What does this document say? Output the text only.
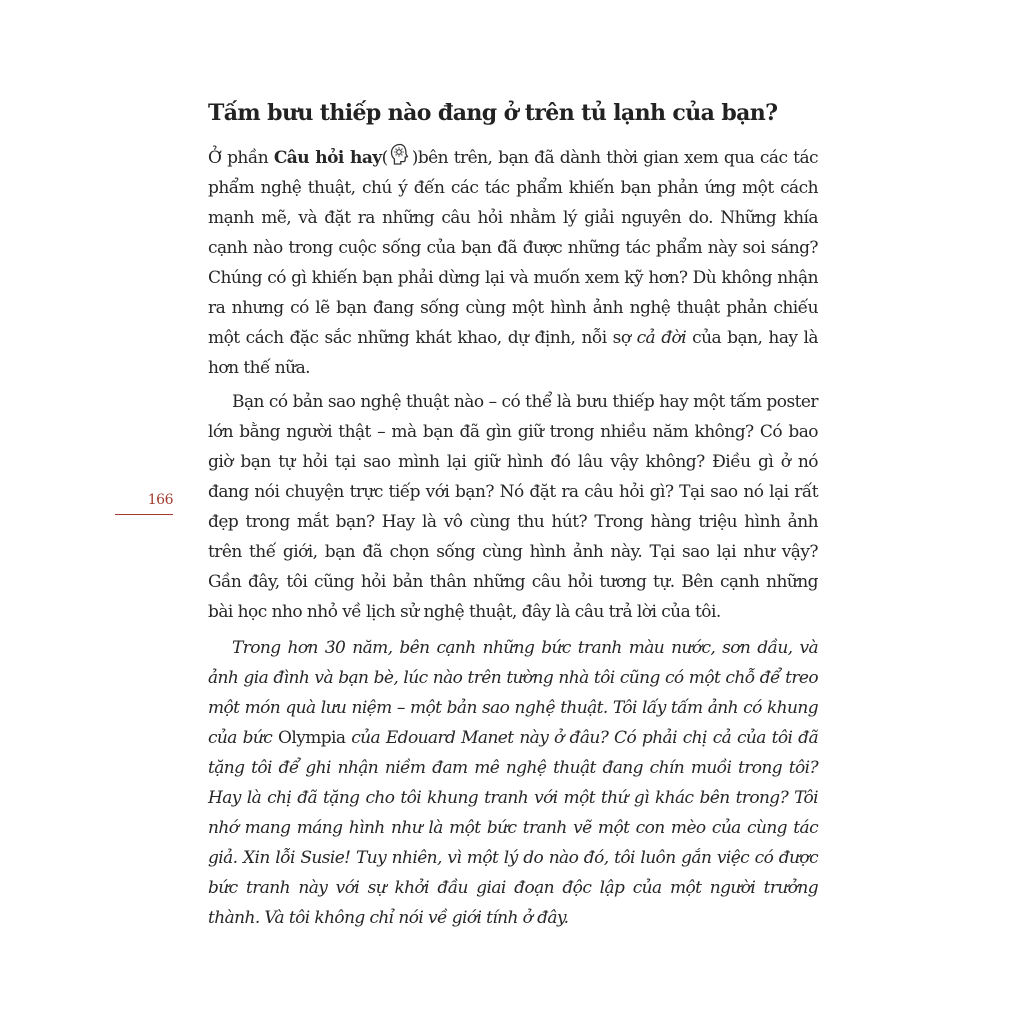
Tấm bưu thiếp nào đang ở trên tủ lạnh của bạn?

Ở phần Câu hỏi hay( )bên trên, bạn đã dành thời gian xem qua các tác phẩm nghệ thuật, chú ý đến các tác phẩm khiến bạn phản ứng một cách mạnh mẽ, và đặt ra những câu hỏi nhằm lý giải nguyên do. Những khía cạnh nào trong cuộc sống của bạn đã được những tác phẩm này soi sáng? Chúng có gì khiến bạn phải dừng lại và muốn xem kỹ hơn? Dù không nhận ra nhưng có lẽ bạn đang sống cùng một hình ảnh nghệ thuật phản chiếu một cách đặc sắc những khát khao, dự định, nỗi sợ cả đời của bạn, hay là hơn thế nữa.

Bạn có bản sao nghệ thuật nào – có thể là bưu thiếp hay một tấm poster lớn bằng người thật – mà bạn đã gìn giữ trong nhiều năm không? Có bao giờ bạn tự hỏi tại sao mình lại giữ hình đó lâu vậy không? Điều gì ở nó đang nói chuyện trực tiếp với bạn? Nó đặt ra câu hỏi gì? Tại sao nó lại rất đẹp trong mắt bạn? Hay là vô cùng thu hút? Trong hàng triệu hình ảnh trên thế giới, bạn đã chọn sống cùng hình ảnh này. Tại sao lại như vậy? Gần đây, tôi cũng hỏi bản thân những câu hỏi tương tự. Bên cạnh những bài học nho nhỏ về lịch sử nghệ thuật, đây là câu trả lời của tôi.

Trong hơn 30 năm, bên cạnh những bức tranh màu nước, sơn dầu, và ảnh gia đình và bạn bè, lúc nào trên tường nhà tôi cũng có một chỗ để treo một món quà lưu niệm – một bản sao nghệ thuật. Tôi lấy tấm ảnh có khung của bức Olympia của Edouard Manet này ở đâu? Có phải chị cả của tôi đã tặng tôi để ghi nhận niềm đam mê nghệ thuật đang chín muồi trong tôi? Hay là chị đã tặng cho tôi khung tranh với một thứ gì khác bên trong? Tôi nhớ mang máng hình như là một bức tranh vẽ một con mèo của cùng tác giả. Xin lỗi Susie! Tuy nhiên, vì một lý do nào đó, tôi luôn gắn việc có được bức tranh này với sự khởi đầu giai đoạn độc lập của một người trưởng thành. Và tôi không chỉ nói về giới tính ở đây.

166
